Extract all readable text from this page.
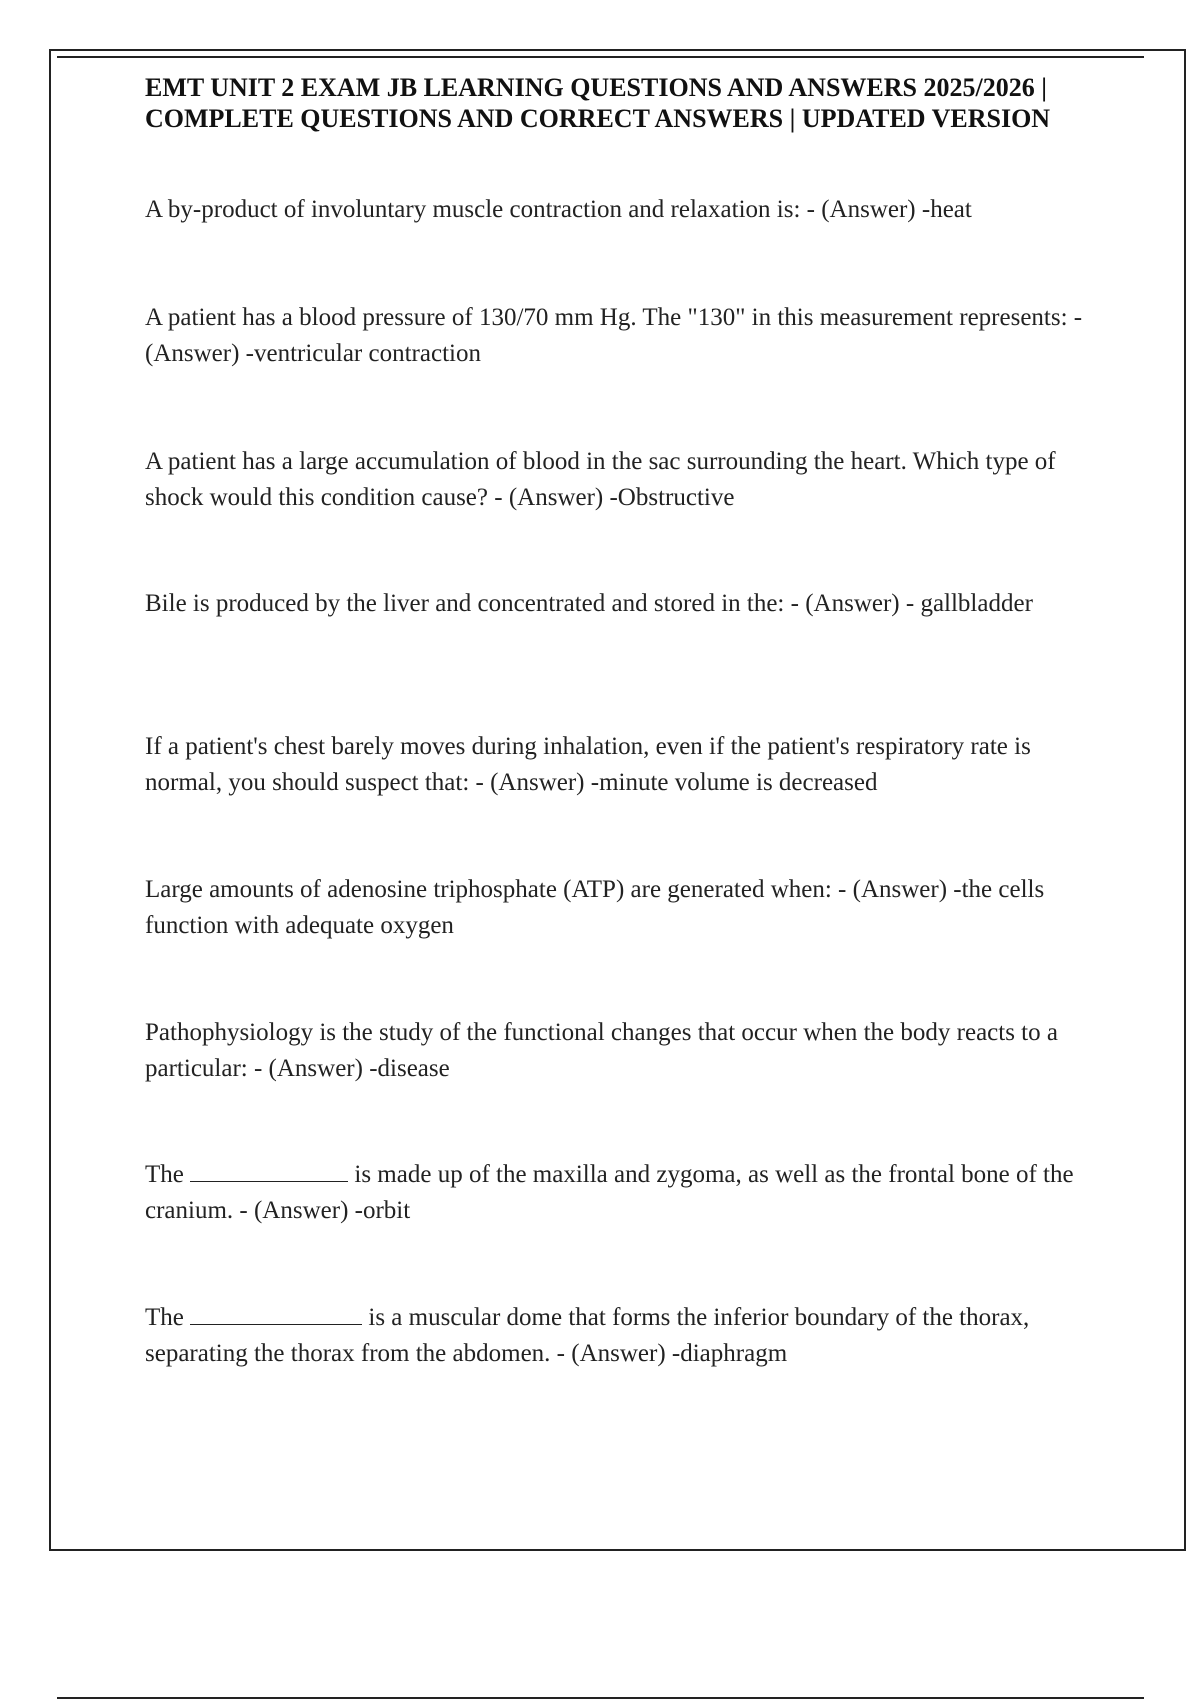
EMT UNIT 2 EXAM JB LEARNING QUESTIONS AND ANSWERS 2025/2026 | COMPLETE QUESTIONS AND CORRECT ANSWERS | UPDATED VERSION

A by-product of involuntary muscle contraction and relaxation is: - (Answer) -heat

A patient has a blood pressure of 130/70 mm Hg. The "130" in this measurement represents: - (Answer) -ventricular contraction

A patient has a large accumulation of blood in the sac surrounding the heart. Which type of shock would this condition cause? - (Answer) -Obstructive

Bile is produced by the liver and concentrated and stored in the: - (Answer) - gallbladder

If a patient's chest barely moves during inhalation, even if the patient's respiratory rate is normal, you should suspect that: - (Answer) -minute volume is decreased

Large amounts of adenosine triphosphate (ATP) are generated when: - (Answer) -the cells function with adequate oxygen

Pathophysiology is the study of the functional changes that occur when the body reacts to a particular: - (Answer) -disease

The	is made up of the maxilla and zygoma, as well as the frontal bone of the cranium. - (Answer) -orbit

The	is a muscular dome that forms the inferior boundary of the thorax, separating the thorax from the abdomen. - (Answer) -diaphragm
